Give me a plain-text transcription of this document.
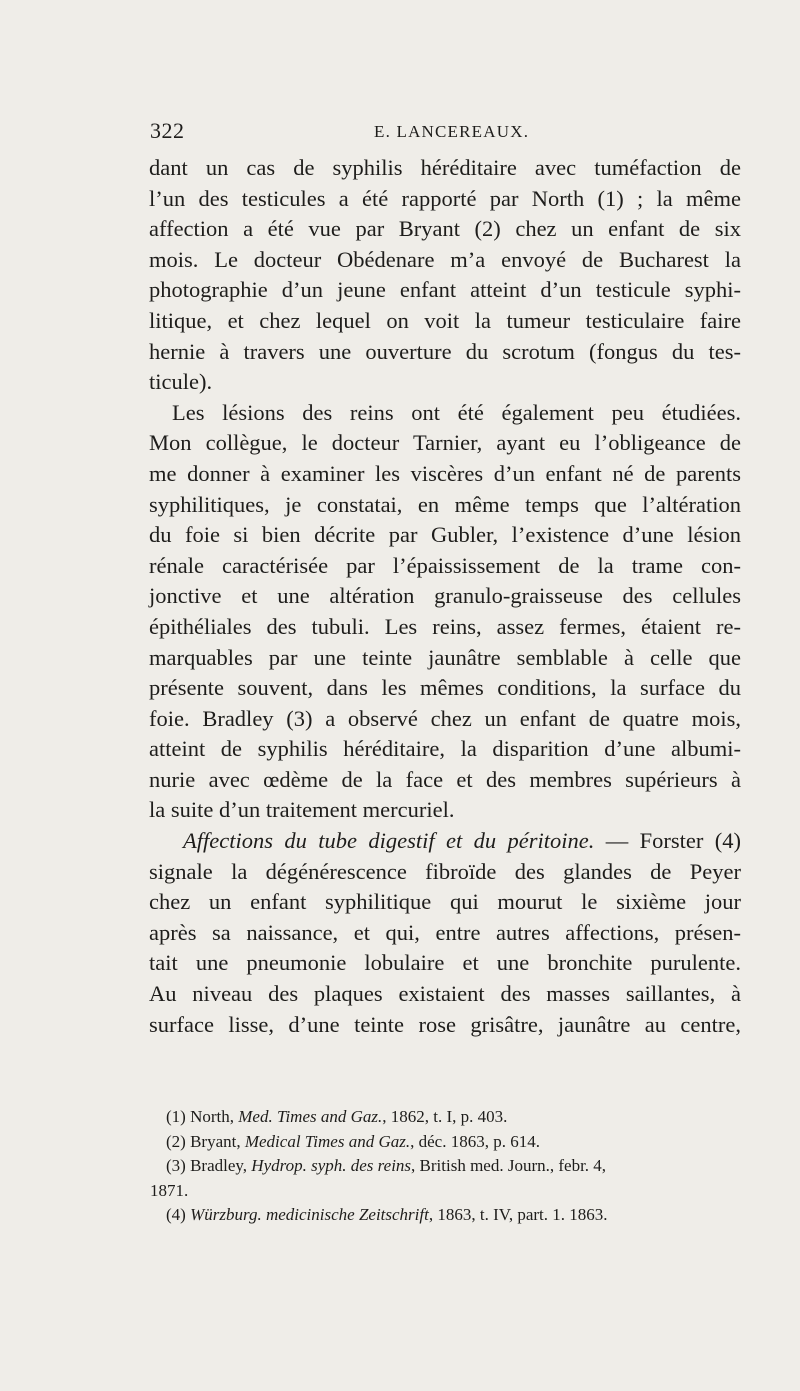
322	E. LANCEREAUX.
dant un cas de syphilis héréditaire avec tuméfaction de
l’un des testicules a été rapporté par North (1) ; la même
affection a été vue par Bryant (2) chez un enfant de six
mois. Le docteur Obédenare m’a envoyé de Bucharest la
photographie d’un jeune enfant atteint d’un testicule syphi-
litique, et chez lequel on voit la tumeur testiculaire faire
hernie à travers une ouverture du scrotum (fongus du tes-
ticule).
Les lésions des reins ont été également peu étudiées.
Mon collègue, le docteur Tarnier, ayant eu l’obligeance de
me donner à examiner les viscères d’un enfant né de parents
syphilitiques, je constatai, en même temps que l’altération
du foie si bien décrite par Gubler, l’existence d’une lésion
rénale caractérisée par l’épaississement de la trame con-
jonctive et une altération granulo-graisseuse des cellules
épithéliales des tubuli. Les reins, assez fermes, étaient re-
marquables par une teinte jaunâtre semblable à celle que
présente souvent, dans les mêmes conditions, la surface du
foie. Bradley (3) a observé chez un enfant de quatre mois,
atteint de syphilis héréditaire, la disparition d’une albumi-
nurie avec œdème de la face et des membres supérieurs à
la suite d’un traitement mercuriel.
Affections du tube digestif et du péritoine. — Forster (4)
signale la dégénérescence fibroïde des glandes de Peyer
chez un enfant syphilitique qui mourut le sixième jour
après sa naissance, et qui, entre autres affections, présen-
tait une pneumonie lobulaire et une bronchite purulente.
Au niveau des plaques existaient des masses saillantes, à
surface lisse, d’une teinte rose grisâtre, jaunâtre au centre,
(1) North, Med. Times and Gaz., 1862, t. I, p. 403.
(2) Bryant, Medical Times and Gaz., déc. 1863, p. 614.
(3) Bradley, Hydrop. syph. des reins, British med. Journ., febr. 4,
1871.
(4) Würzburg. medicinische Zeitschrift, 1863, t. IV, part. 1. 1863.
